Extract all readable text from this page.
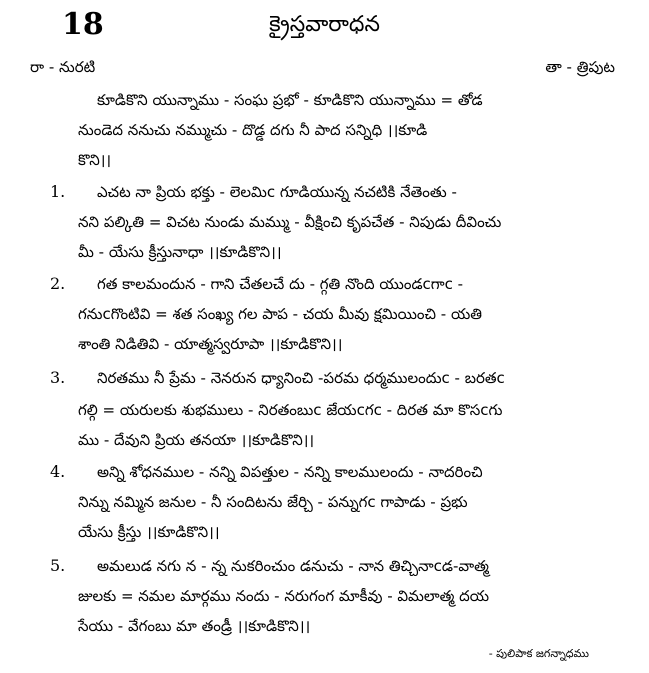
18	క్రైస్తవారాధన
రా - నురటి	తా - త్రిపుట
కూడికొని యున్నాము - సంఘ ప్రభో - కూడికొని యున్నాము = తోడ
నుండెద ననుచు నమ్ముచు - దొడ్డ దగు నీ పాద సన్నిధి ।।కూడి
కొని।।
1. ఎచట నా ప్రియ భక్తు - లెలమిc గూడియున్న నచటికి నేతెంతు -
నని పల్కితి = విచట నుండు మమ్ము - వీక్షించి కృపచేత - నిపుడు దీవించు
మీ - యేసు క్రీస్తునాధా ।।కూడికొని।।
2. గత కాలమందున - గాని చేతలచే దు - గ్గతి నొంది యుండcగాc -
గనుcగొంటివి = శత సంఖ్య గల పాప - చయ మీవు క్షమియించి - యతి
శాంతి నిడితివి - యాత్మస్వరూపా ।।కూడికొని।।
3. నిరతము నీ ప్రేమ - నెనరున ధ్యానించి -పరమ ధర్మములందుc - బరతc
గల్గి = యరులకు శుభములు - నిరతంబుc జేయcగc - దిరత మా కొసcగు
ము - దేవుని ప్రియ తనయా ।।కూడికొని।।
4. అన్ని శోధనముల - నన్ని విపత్తుల - నన్ని కాలములందు - నాదరించి
నిన్ను నమ్మిన జనుల - నీ సందిటను జేర్చి - పన్నుగc గాపాడు - ప్రభు
యేసు క్రీస్తు ।।కూడికొని।।
5. అమలుడ నగు న - న్న నుకరించుం డనుచు - నాన తిచ్చినాcడ-వాత్మ
జులకు = నమల మార్గము నందు - నరుగంగ మాకీవు - విమలాత్మ దయ
సేయు - వేగంబు మా తండ్రీ ।।కూడికొని।।
- పులిపాక జగన్నాధము
